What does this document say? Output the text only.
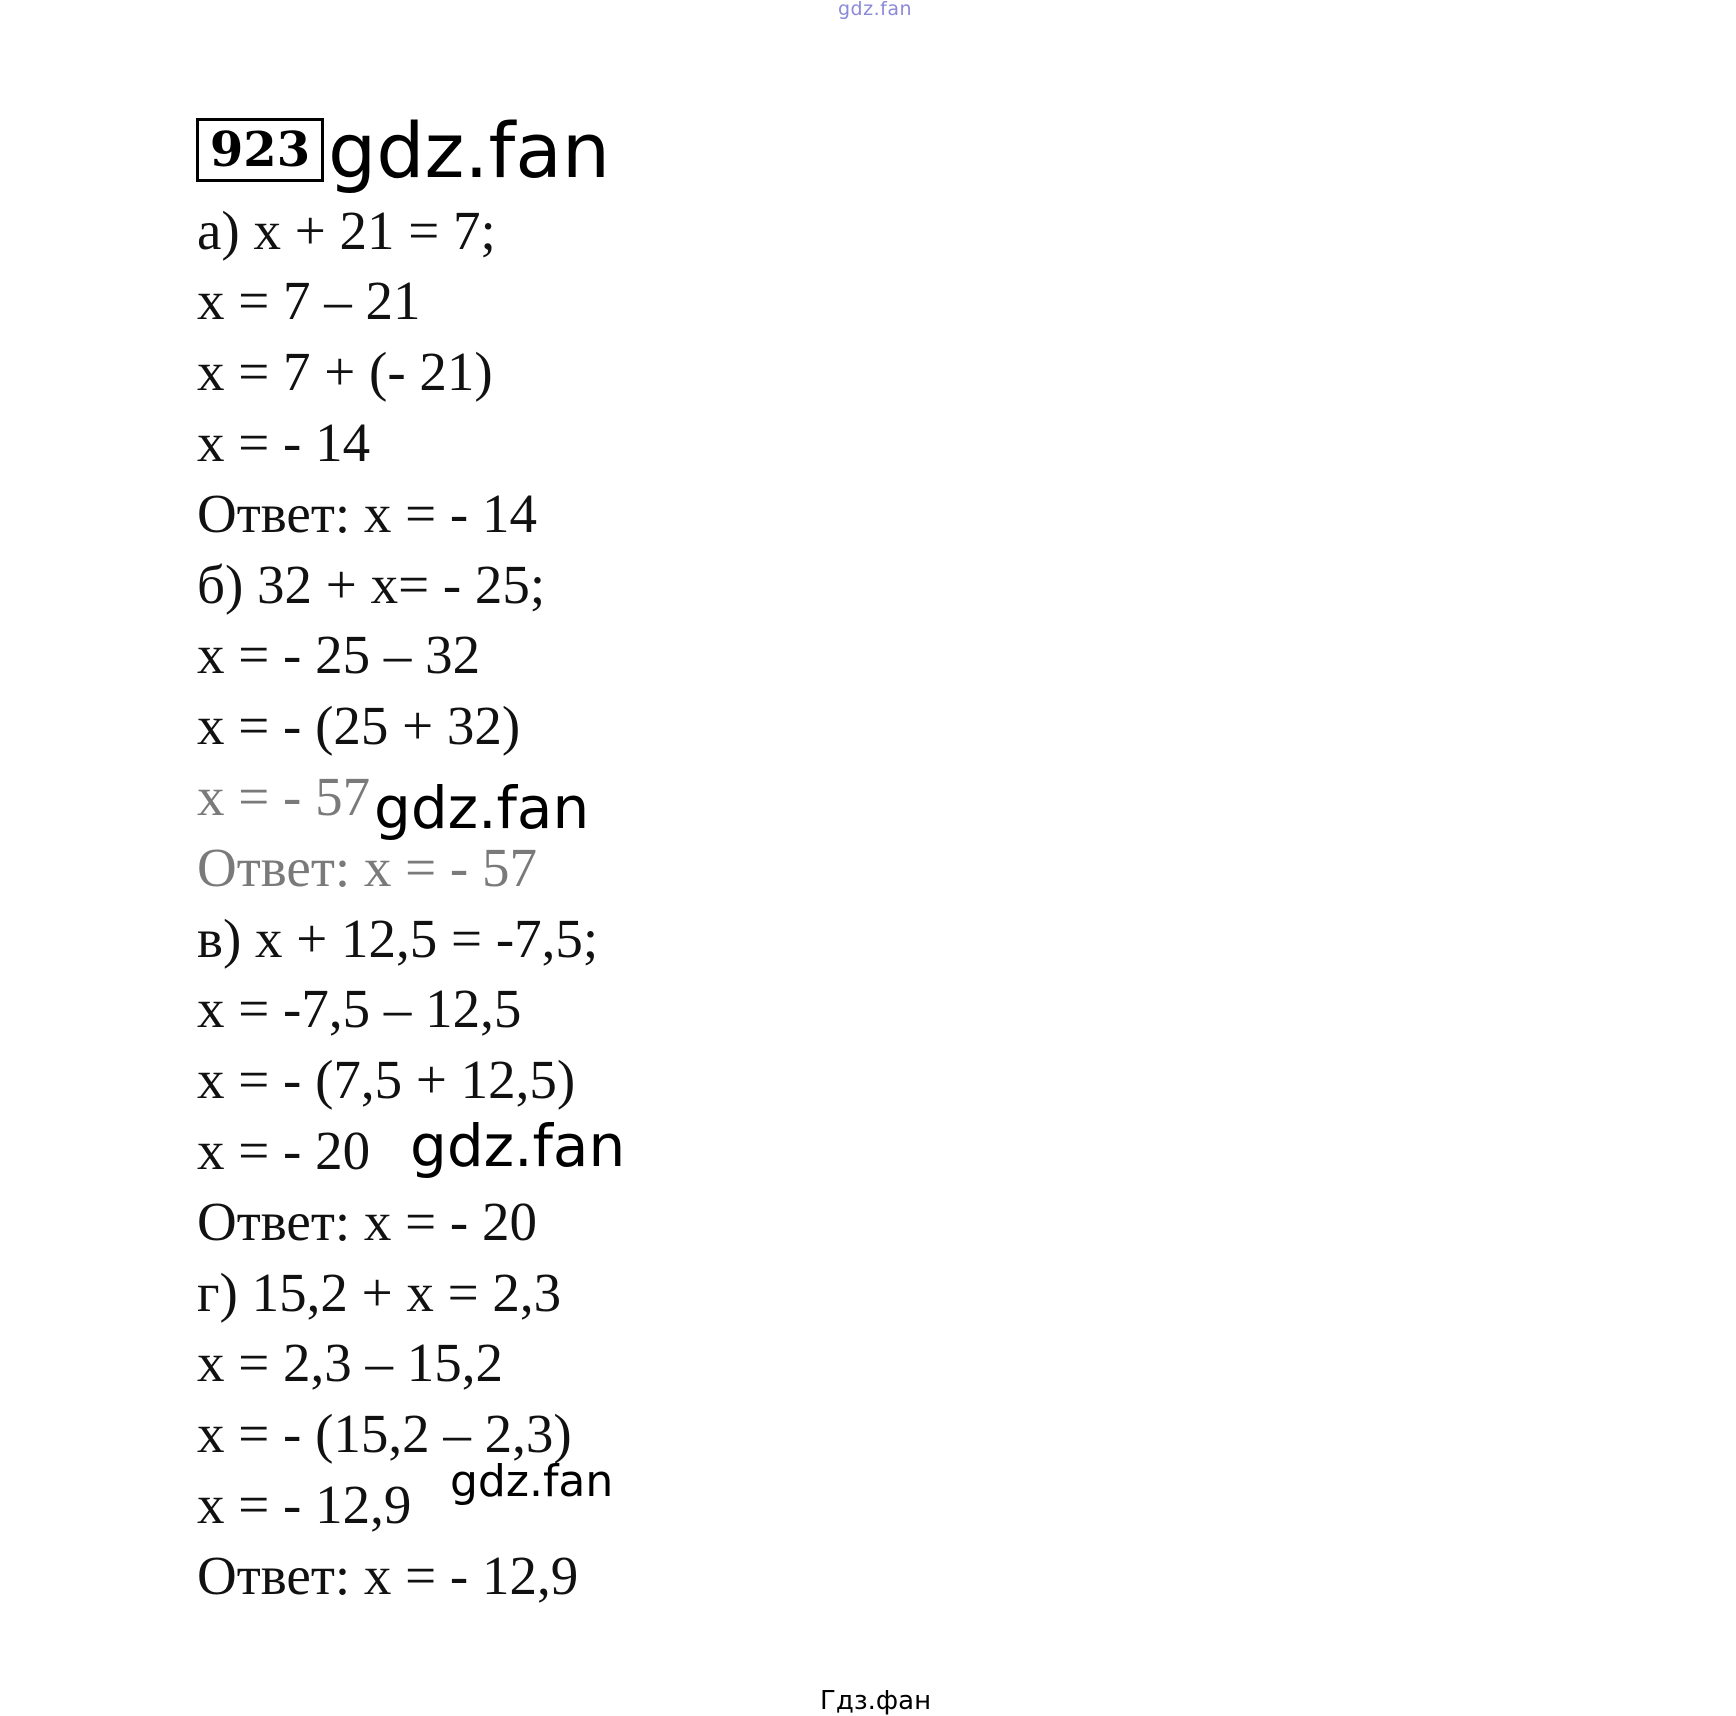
gdz.fan
923 gdz.fan
а) x + 21 = 7;
x = 7 – 21
x = 7 + (- 21)
x = - 14
Ответ: x = - 14
б) 32 + x= - 25;
x = - 25 – 32
x = - (25 + 32)
x = - 57
Ответ: x = - 57
в) x + 12,5 = -7,5;
x = -7,5 – 12,5
x = - (7,5 + 12,5)
x = - 20
Ответ: x = - 20
г) 15,2 + x = 2,3
x = 2,3 – 15,2
x = - (15,2 – 2,3)
x = - 12,9
Ответ: x = - 12,9
gdz.fan
gdz.fan
gdz.fan
Гдз.фан
